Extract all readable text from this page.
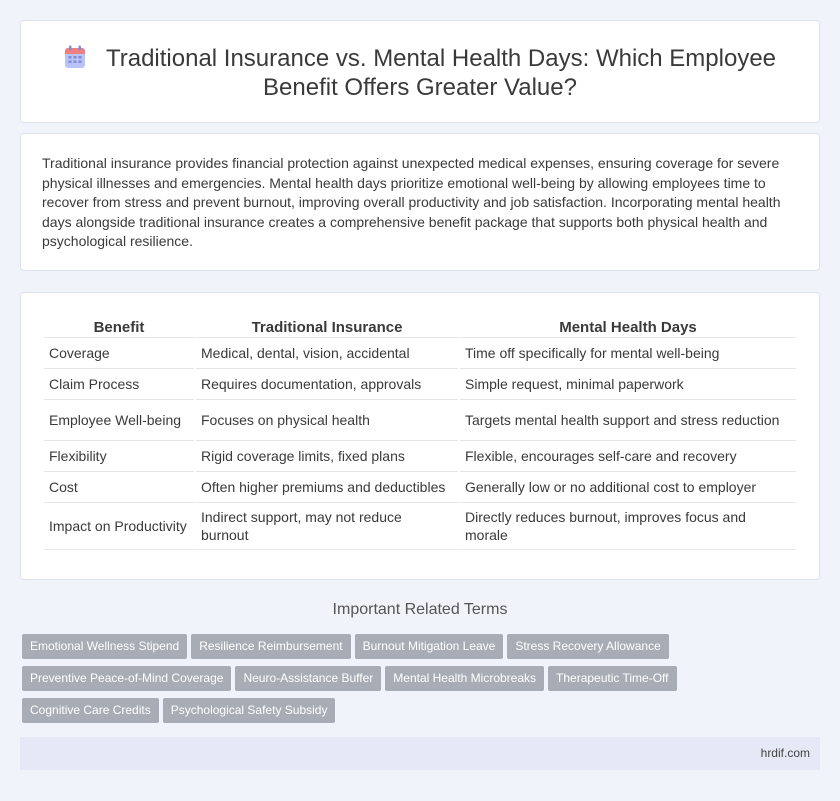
Traditional Insurance vs. Mental Health Days: Which Employee Benefit Offers Greater Value?

Traditional insurance provides financial protection against unexpected medical expenses, ensuring coverage for severe physical illnesses and emergencies. Mental health days prioritize emotional well-being by allowing employees time to recover from stress and prevent burnout, improving overall productivity and job satisfaction. Incorporating mental health days alongside traditional insurance creates a comprehensive benefit package that supports both physical health and psychological resilience.

Benefit	Traditional Insurance	Mental Health Days
Coverage	Medical, dental, vision, accidental	Time off specifically for mental well-being
Claim Process	Requires documentation, approvals	Simple request, minimal paperwork
Employee Well-being	Focuses on physical health	Targets mental health support and stress reduction
Flexibility	Rigid coverage limits, fixed plans	Flexible, encourages self-care and recovery
Cost	Often higher premiums and deductibles	Generally low or no additional cost to employer
Impact on Productivity	Indirect support, may not reduce burnout	Directly reduces burnout, improves focus and morale
Important Related Terms
Emotional Wellness Stipend Resilience Reimbursement Burnout Mitigation Leave Stress Recovery Allowance
Preventive Peace-of-Mind Coverage Neuro-Assistance Buffer Mental Health Microbreaks Therapeutic Time-Off
Cognitive Care Credits Psychological Safety Subsidy
hrdif.com
